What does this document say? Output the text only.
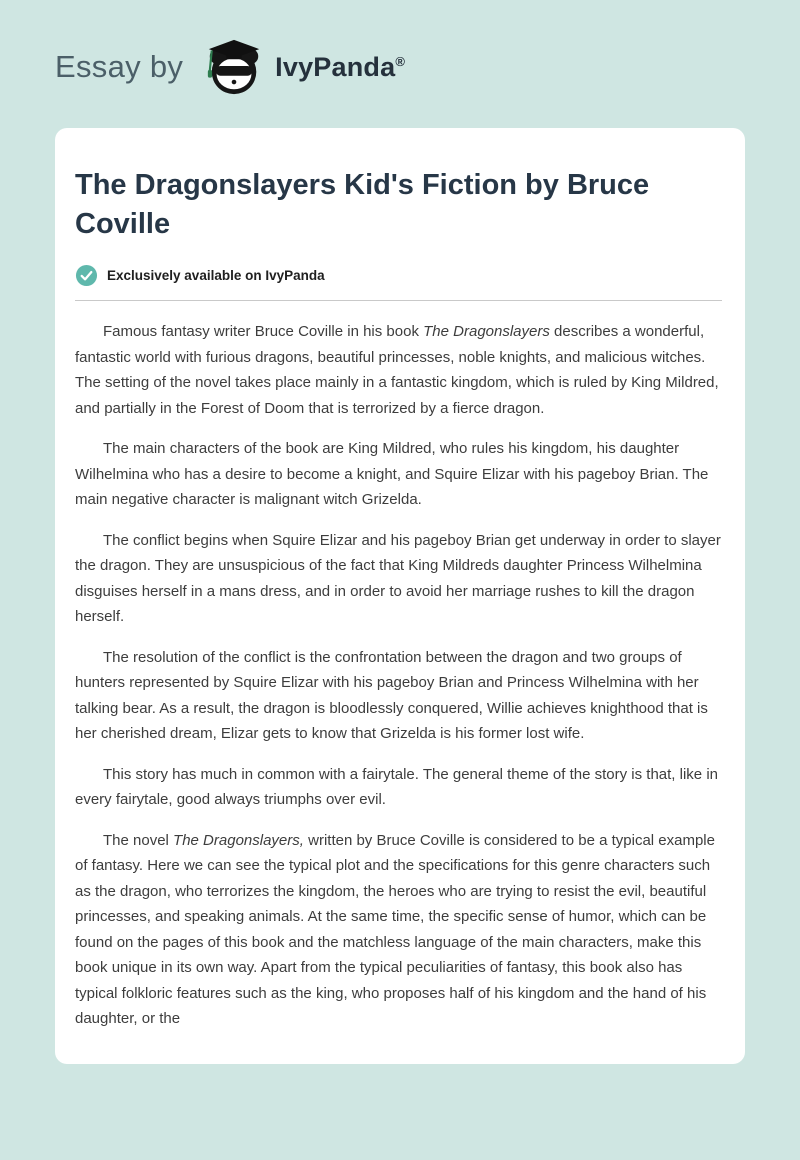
Essay by	IvyPanda®
The Dragonslayers Kid's Fiction by Bruce Coville
Exclusively available on IvyPanda

Famous fantasy writer Bruce Coville in his book The Dragonslayers describes a wonderful, fantastic world with furious dragons, beautiful princesses, noble knights, and malicious witches. The setting of the novel takes place mainly in a fantastic kingdom, which is ruled by King Mildred, and partially in the Forest of Doom that is terrorized by a fierce dragon.

The main characters of the book are King Mildred, who rules his kingdom, his daughter Wilhelmina who has a desire to become a knight, and Squire Elizar with his pageboy Brian. The main negative character is malignant witch Grizelda.

The conflict begins when Squire Elizar and his pageboy Brian get underway in order to slayer the dragon. They are unsuspicious of the fact that King Mildreds daughter Princess Wilhelmina disguises herself in a mans dress, and in order to avoid her marriage rushes to kill the dragon herself.

The resolution of the conflict is the confrontation between the dragon and two groups of hunters represented by Squire Elizar with his pageboy Brian and Princess Wilhelmina with her talking bear. As a result, the dragon is bloodlessly conquered, Willie achieves knighthood that is her cherished dream, Elizar gets to know that Grizelda is his former lost wife.

This story has much in common with a fairytale. The general theme of the story is that, like in every fairytale, good always triumphs over evil.

The novel The Dragonslayers, written by Bruce Coville is considered to be a typical example of fantasy. Here we can see the typical plot and the specifications for this genre characters such as the dragon, who terrorizes the kingdom, the heroes who are trying to resist the evil, beautiful princesses, and speaking animals. At the same time, the specific sense of humor, which can be found on the pages of this book and the matchless language of the main characters, make this book unique in its own way. Apart from the typical peculiarities of fantasy, this book also has typical folkloric features such as the king, who proposes half of his kingdom and the hand of his daughter, or the
